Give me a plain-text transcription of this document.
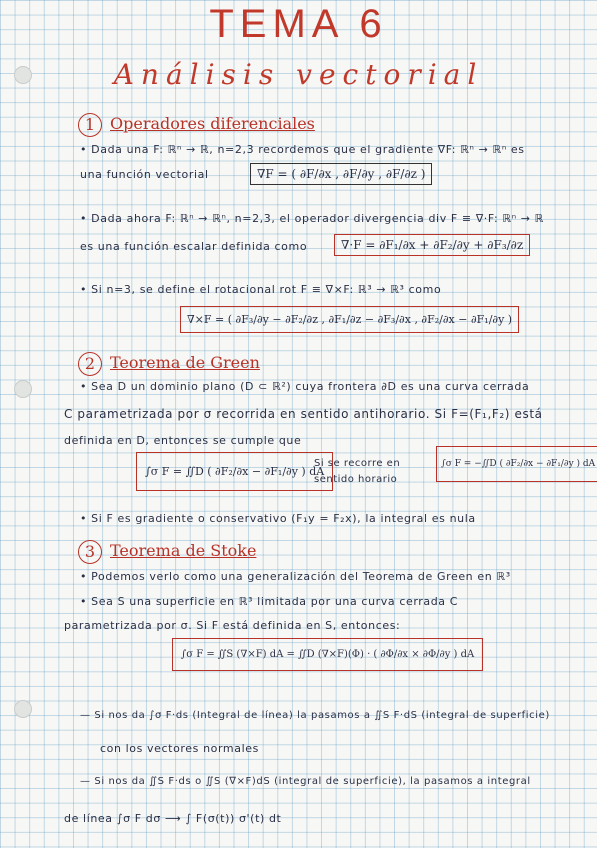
TEMA 6
Análisis vectorial
1 Operadores diferenciales
• Dada una F: ℝⁿ → ℝ, n=2,3 recordemos que el gradiente ∇F: ℝⁿ → ℝⁿ es
una función vectorial	∇F = ( ∂F/∂x , ∂F/∂y , ∂F/∂z )
• Dada ahora F: ℝⁿ → ℝⁿ, n=2,3, el operador divergencia div F ≡ ∇·F: ℝⁿ → ℝ
es una función escalar definida como	∇·F = ∂F₁/∂x + ∂F₂/∂y + ∂F₃/∂z
• Si n=3, se define el rotacional rot F ≡ ∇×F: ℝ³ → ℝ³ como
∇×F = ( ∂F₃/∂y − ∂F₂/∂z , ∂F₁/∂z − ∂F₃/∂x , ∂F₂/∂x − ∂F₁/∂y )
2 Teorema de Green
• Sea D un dominio plano (D ⊂ ℝ²) cuya frontera ∂D es una curva cerrada
C parametrizada por σ recorrida en sentido antihorario. Si F=(F₁,F₂) está
definida en D, entonces se cumple que
∫σ F = ∬D ( ∂F₂/∂x − ∂F₁/∂y ) dA
Si se recorre en
sentido horario
∫σ F = −∬D ( ∂F₂/∂x − ∂F₁/∂y ) dA
• Si F es gradiente o conservativo (F₁y = F₂x), la integral es nula
3 Teorema de Stoke
• Podemos verlo como una generalización del Teorema de Green en ℝ³
• Sea S una superficie en ℝ³ limitada por una curva cerrada C
parametrizada por σ. Si F está definida en S, entonces:
∫σ F = ∬S (∇×F) dA = ∬D (∇×F)(Φ) · ( ∂Φ/∂x × ∂Φ/∂y ) dA
— Si nos da ∫σ F·ds (Integral de línea) la pasamos a ∬S F·dS (integral de superficie)
con los vectores normales
— Si nos da ∬S F·ds o ∬S (∇×F)dS (integral de superficie), la pasamos a integral
de línea ∫σ F dσ ⟶ ∫ F(σ(t)) σ'(t) dt
